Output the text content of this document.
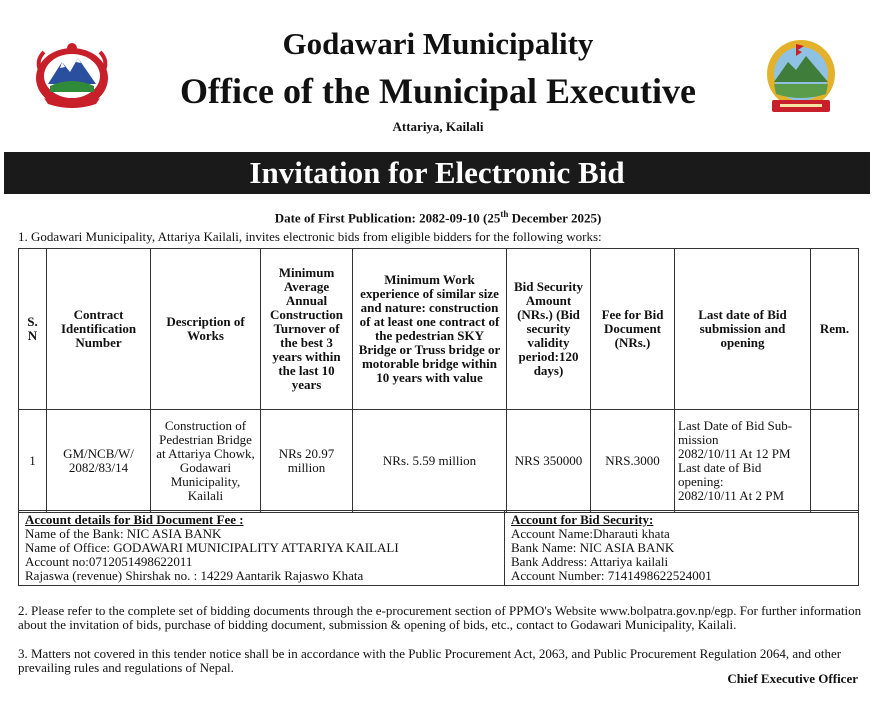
Godawari Municipality
Office of the Municipal Executive
Attariya, Kailali
Invitation for Electronic Bid
Date of First Publication: 2082-09-10 (25th December 2025)
1. Godawari Municipality, Attariya Kailali, invites electronic bids from eligible bidders for the following works:
S. N	Contract Identification Number	Description of Works	Minimum Average Annual Construction Turnover of the best 3 years within the last 10 years	Minimum Work experience of similar size and nature: construction of at least one contract of the pedestrian SKY Bridge or Truss bridge or motorable bridge within 10 years with value	Bid Security Amount (NRs.) (Bid security validity period:120 days)	Fee for Bid Document (NRs.)	Last date of Bid submission and opening	Rem.
1	GM/NCB/W/ 2082/83/14	Construction of Pedestrian Bridge at Attariya Chowk, Godawari Municipality, Kailali	NRs 20.97 million	NRs. 5.59 million	NRS 350000	NRS.3000	Last Date of Bid Sub-mission
2082/10/11 At 12 PM
Last date of Bid opening:
2082/10/11 At 2 PM	

Account details for Bid Document Fee :
Name of the Bank: NIC ASIA BANK
Name of Office: GODAWARI MUNICIPALITY ATTARIYA KAILALI
Account no:0712051498622011
Rajaswa (revenue) Shirshak no. : 14229 Aantarik Rajaswo Khata

Account for Bid Security:
Account Name:Dharauti khata
Bank Name: NIC ASIA BANK
Bank Address: Attariya kailali
Account Number: 7141498622524001
2. Please refer to the complete set of bidding documents through the e-procurement section of PPMO's Website www.bolpatra.gov.np/egp. For further information about the invitation of bids, purchase of bidding document, submission & opening of bids, etc., contact to Godawari Municipality, Kailali.
3. Matters not covered in this tender notice shall be in accordance with the Public Procurement Act, 2063, and Public Procurement Regulation 2064, and other prevailing rules and regulations of Nepal.
Chief Executive Officer
